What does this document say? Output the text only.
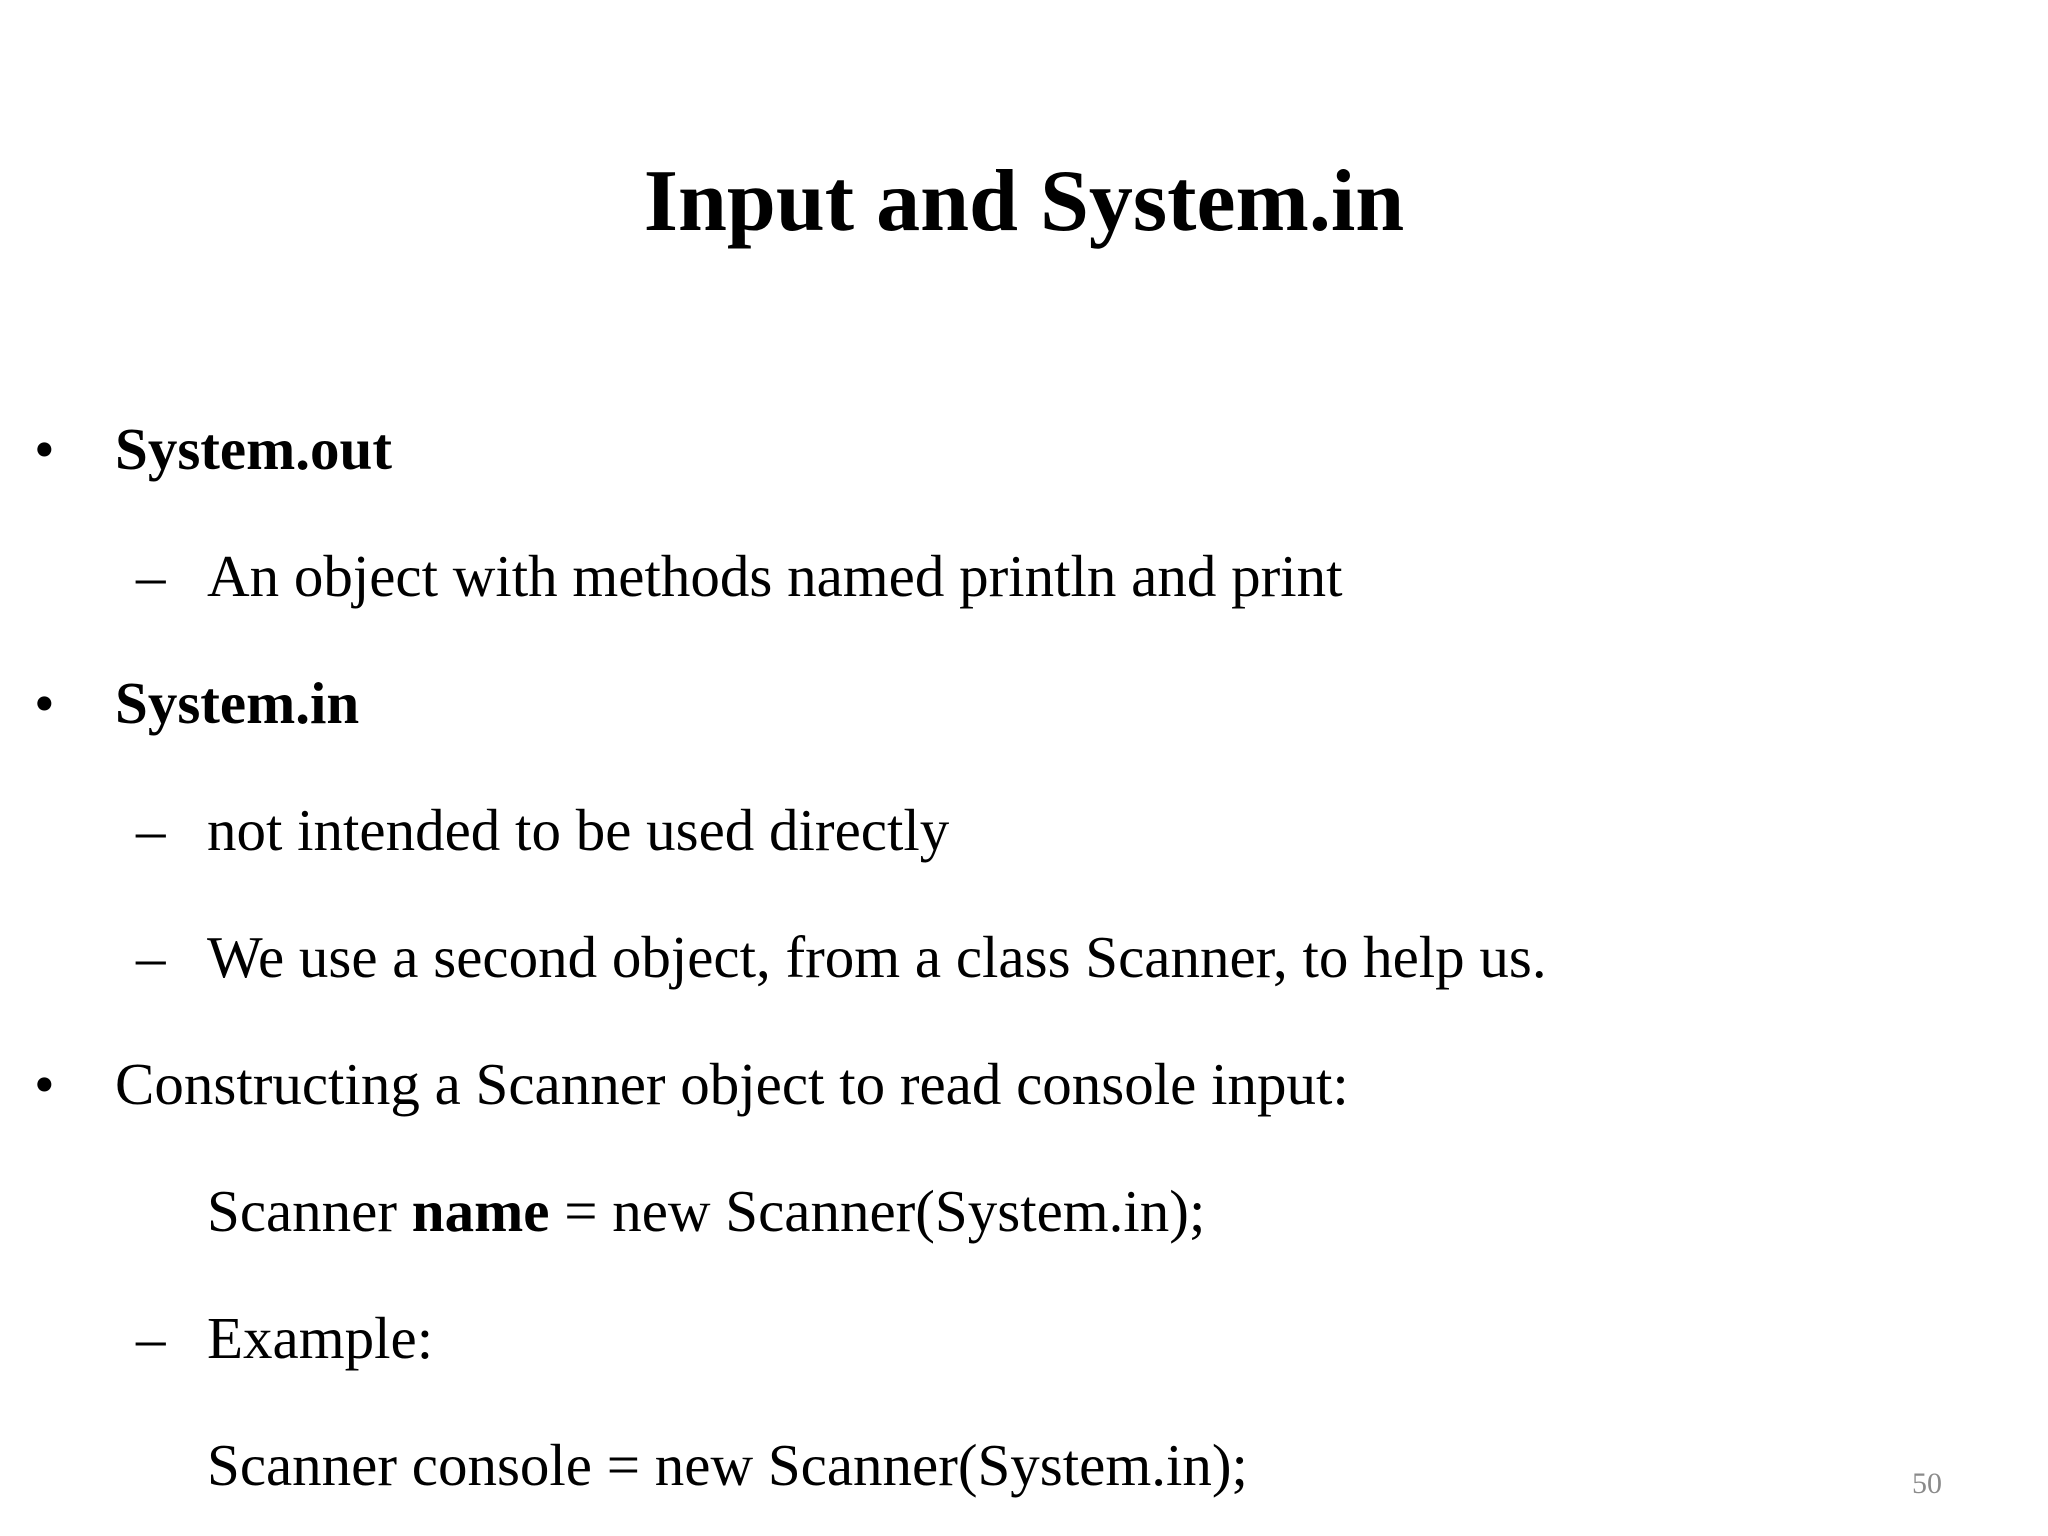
Input and System.in
• System.out
– An object with methods named println and print
• System.in
– not intended to be used directly
– We use a second object, from a class Scanner, to help us.
• Constructing a Scanner object to read console input:
Scanner name = new Scanner(System.in);
– Example:
Scanner console = new Scanner(System.in);	50
